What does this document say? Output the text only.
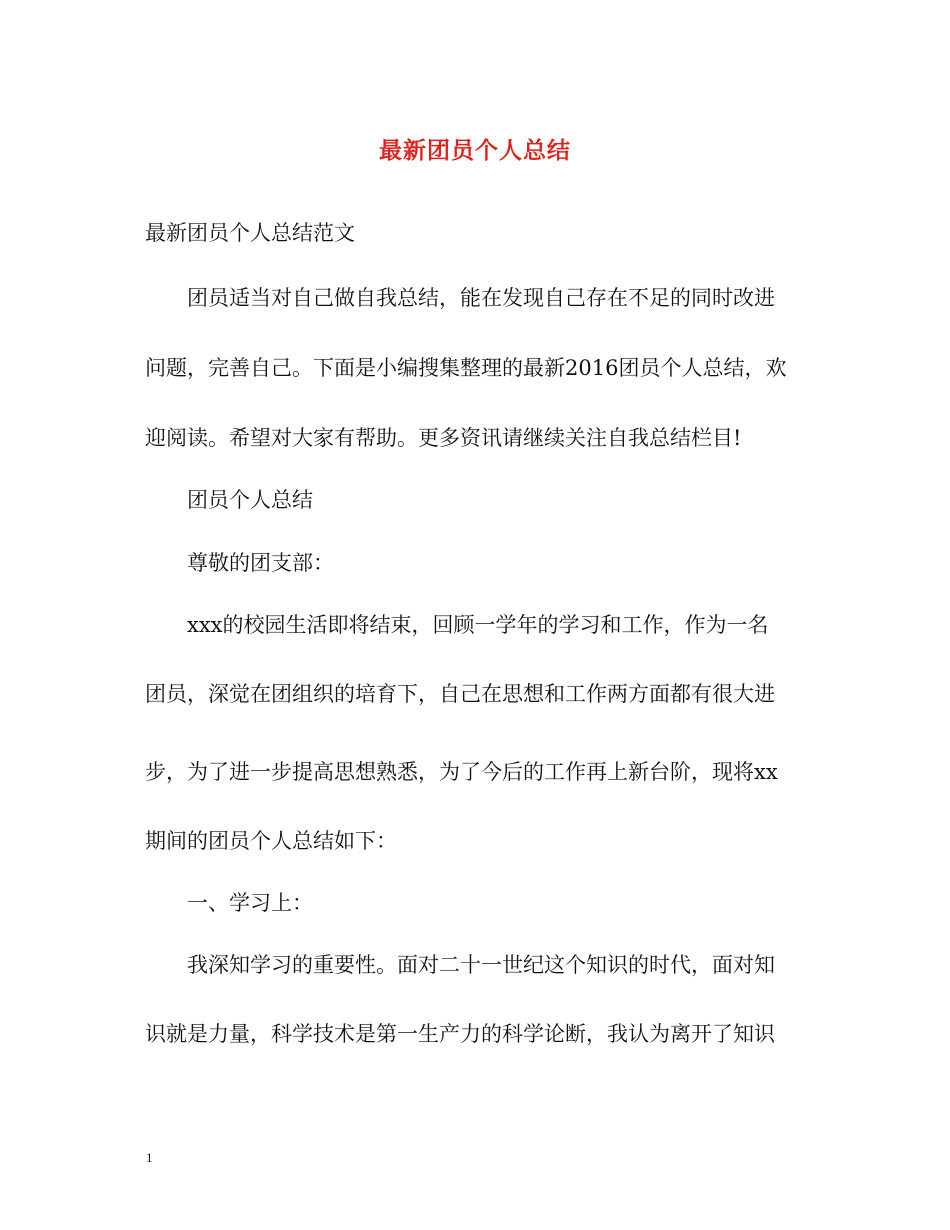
最新团员个人总结
最新团员个人总结范文
团员适当对自己做自我总结，能在发现自己存在不足的同时改进
问题，完善自己。下面是小编搜集整理的最新2016团员个人总结，欢
迎阅读。希望对大家有帮助。更多资讯请继续关注自我总结栏目!
团员个人总结
尊敬的团支部：
xxx的校园生活即将结束，回顾一学年的学习和工作，作为一名
团员，深觉在团组织的培育下，自己在思想和工作两方面都有很大进
步，为了进一步提高思想熟悉，为了今后的工作再上新台阶，现将xx
期间的团员个人总结如下：
一、学习上：
我深知学习的重要性。面对二十一世纪这个知识的时代，面对知
识就是力量，科学技术是第一生产力的科学论断，我认为离开了知识
1
